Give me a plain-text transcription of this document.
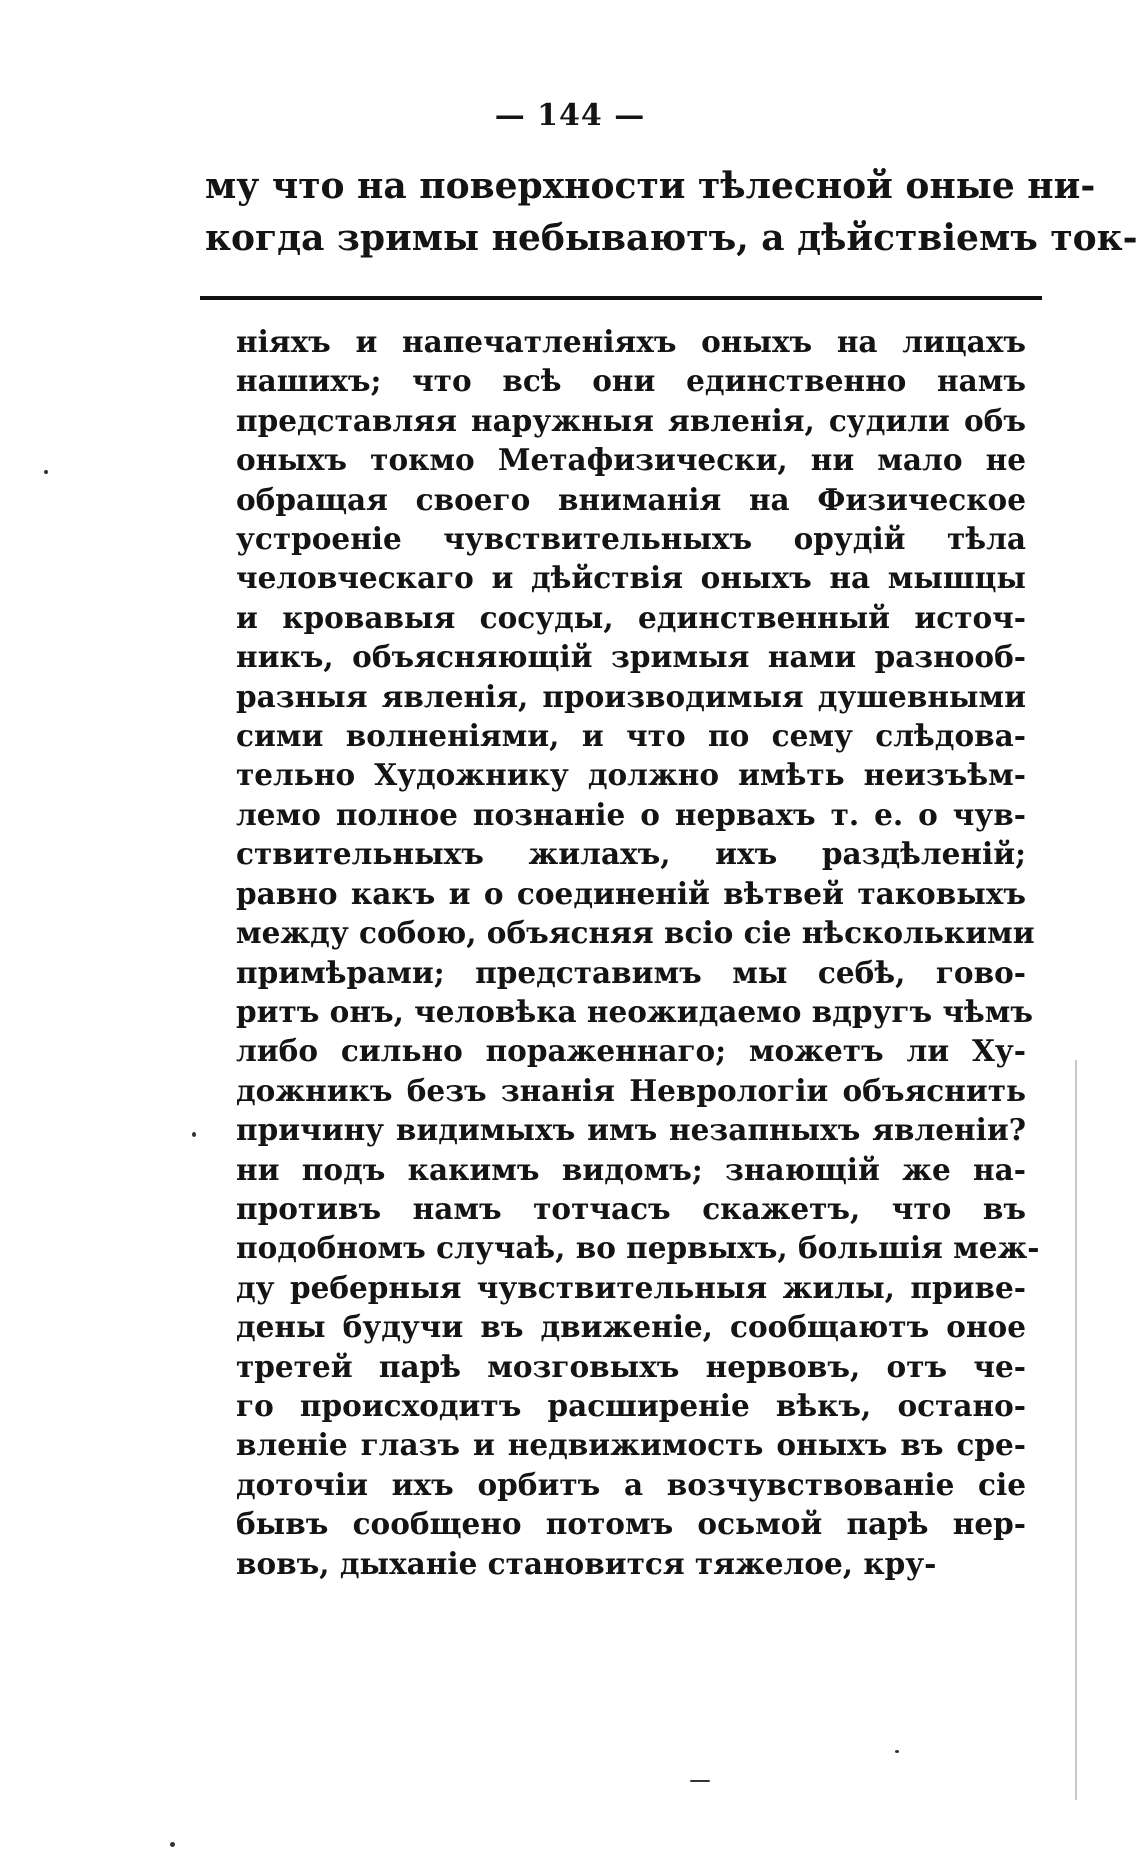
— 144 —
му что на поверхности тѣлесной оные ни-
когда зримы небываютъ, а дѣйствіемъ ток-
ніяхъ и напечатленіяхъ оныхъ на лицахъ
нашихъ; что всѣ они единственно намъ
представляя наружныя явленія, судили объ
оныхъ токмо Метафизически, ни мало не
обращая своего вниманія на Физическое
устроеніе чувствительныхъ орудій тѣла
человческаго и дѣйствія оныхъ на мышцы
и кровавыя сосуды, единственный источ-
никъ, объясняющій зримыя нами разнооб-
разныя явленія, производимыя душевными
сими волненіями, и что по сему слѣдова-
тельно Художнику должно имѣть неизъѣм-
лемо полное познаніе о нервахъ т. е. о чув-
ствительныхъ жилахъ, ихъ раздѣленій;
равно какъ и о соединеній вѣтвей таковыхъ
между собою, объясняя всіо сіе нѣсколькими
примѣрами; представимъ мы себѣ, гово-
ритъ онъ, человѣка неожидаемо вдругъ чѣмъ
либо сильно пораженнаго; можетъ ли Ху-
дожникъ безъ знанія Неврологіи объяснить
причину видимыхъ имъ незапныхъ явленіи?
ни подъ какимъ видомъ; знающій же на-
противъ намъ тотчасъ скажетъ, что въ
подобномъ случаѣ, во первыхъ, большія меж-
ду реберныя чувствительныя жилы, приве-
дены будучи въ движеніе, сообщаютъ оное
третей парѣ мозговыхъ нервовъ, отъ че-
го происходитъ расширеніе вѣкъ, остано-
вленіе глазъ и недвижимость оныхъ въ сре-
доточіи ихъ орбитъ а возчувствованіе сіе
бывъ сообщено потомъ осьмой парѣ нер-
вовъ, дыханіе становится тяжелое, кру-
